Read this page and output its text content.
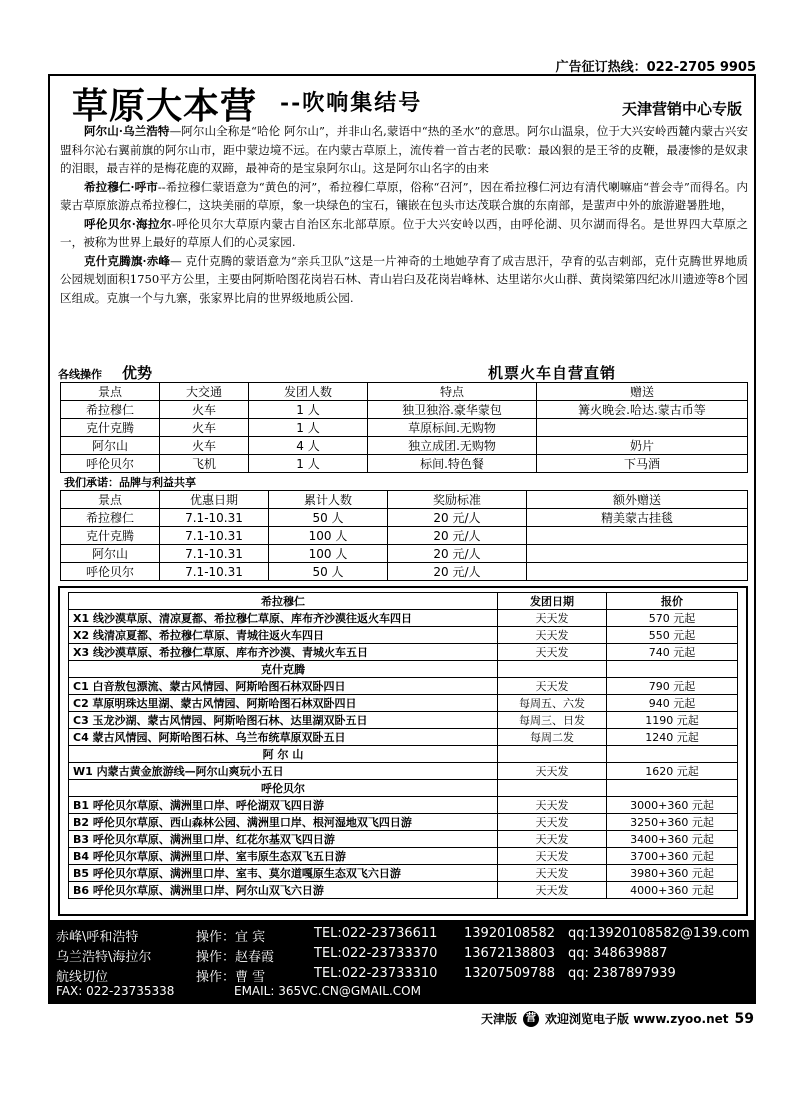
广告征订热线：022-2705 9905
草原大本营 --吹响集结号	天津营销中心专版

阿尔山·乌兰浩特—阿尔山全称是“哈伦 阿尔山”，并非山名,蒙语中“热的圣水”的意思。阿尔山温泉，位于大兴安岭西麓内蒙古兴安盟科尔沁右翼前旗的阿尔山市，距中蒙边境不远。在内蒙古草原上，流传着一首古老的民歌：最凶狠的是王爷的皮鞭，最凄惨的是奴隶的泪眼，最吉祥的是梅花鹿的双蹄，最神奇的是宝泉阿尔山。这是阿尔山名字的由来

希拉穆仁·呼市--希拉穆仁蒙语意为“黄色的河”，希拉穆仁草原，俗称“召河”，因在希拉穆仁河边有清代喇嘛庙“普会寺”而得名。内蒙古草原旅游点希拉穆仁，这块美丽的草原，象一块绿色的宝石，镶嵌在包头市达茂联合旗的东南部，是蜚声中外的旅游避暑胜地，

呼伦贝尔·海拉尔-呼伦贝尔大草原内蒙古自治区东北部草原。位于大兴安岭以西，由呼伦湖、贝尔湖而得名。是世界四大草原之一，被称为世界上最好的草原人们的心灵家园.

克什克腾旗·赤峰— 克什克腾的蒙语意为“亲兵卫队”这是一片神奇的土地她孕育了成吉思汗，孕育的弘吉剌部，克什克腾世界地质公园规划面积1750平方公里，主要由阿斯哈图花岗岩石林、青山岩臼及花岗岩峰林、达里诺尔火山群、黄岗梁第四纪冰川遗迹等8个园区组成。克旗一个与九寨，张家界比肩的世界级地质公园.

各线操作 优势	机票火车自营直销
景点	大交通	发团人数	特点	赠送
希拉穆仁	火车	1 人	独卫独浴.豪华蒙包	篝火晚会.哈达.蒙古币等
克什克腾	火车	1 人	草原标间.无购物	
阿尔山	火车	4 人	独立成团.无购物	奶片
呼伦贝尔	飞机	1 人	标间.特色餐	下马酒
我们承诺：品牌与利益共享
景点	优惠日期	累计人数	奖励标准	额外赠送
希拉穆仁	7.1-10.31	50 人	20 元/人	精美蒙古挂毯
克什克腾	7.1-10.31	100 人	20 元/人	
阿尔山	7.1-10.31	100 人	20 元/人	
呼伦贝尔	7.1-10.31	50 人	20 元/人	
希拉穆仁	发团日期	报价
X1 线沙漠草原、清凉夏都、希拉穆仁草原、库布齐沙漠往返火车四日	天天发	570 元起
X2 线清凉夏都、希拉穆仁草原、青城往返火车四日	天天发	550 元起
X3 线沙漠草原、希拉穆仁草原、库布齐沙漠、青城火车五日	天天发	740 元起
克什克腾		
C1 白音敖包漂流、蒙古风情园、阿斯哈图石林双卧四日	天天发	790 元起
C2 草原明珠达里湖、蒙古风情园、阿斯哈图石林双卧四日	每周五、六发	940 元起
C3 玉龙沙湖、蒙古风情园、阿斯哈图石林、达里湖双卧五日	每周三、日发	1190 元起
C4 蒙古风情园、阿斯哈图石林、乌兰布统草原双卧五日	每周二发	1240 元起
阿 尔 山		
W1 内蒙古黄金旅游线—阿尔山爽玩小五日	天天发	1620 元起
呼伦贝尔		
B1 呼伦贝尔草原、满洲里口岸、呼伦湖双飞四日游	天天发	3000+360 元起
B2 呼伦贝尔草原、西山森林公园、满洲里口岸、根河湿地双飞四日游	天天发	3250+360 元起
B3 呼伦贝尔草原、满洲里口岸、红花尔基双飞四日游	天天发	3400+360 元起
B4 呼伦贝尔草原、满洲里口岸、室韦原生态双飞五日游	天天发	3700+360 元起
B5 呼伦贝尔草原、满洲里口岸、室韦、莫尔道嘎原生态双飞六日游	天天发	3980+360 元起
B6 呼伦贝尔草原、满洲里口岸、阿尔山双飞六日游	天天发	4000+360 元起
赤峰\呼和浩特	操作：宜 宾	TEL:022-23736611 13920108582 qq:13920108582@139.com
乌兰浩特\海拉尔	操作：赵春霞	TEL:022-23733370 13672138803 qq: 348639887
航线切位	操作：曹 雪	TEL:022-23733310 13207509788 qq: 2387897939
FAX: 022-23735338	EMAIL: 365VC.CN@GMAIL.COM
天津版 营 欢迎浏览电子版 www.zyoo.net 59
